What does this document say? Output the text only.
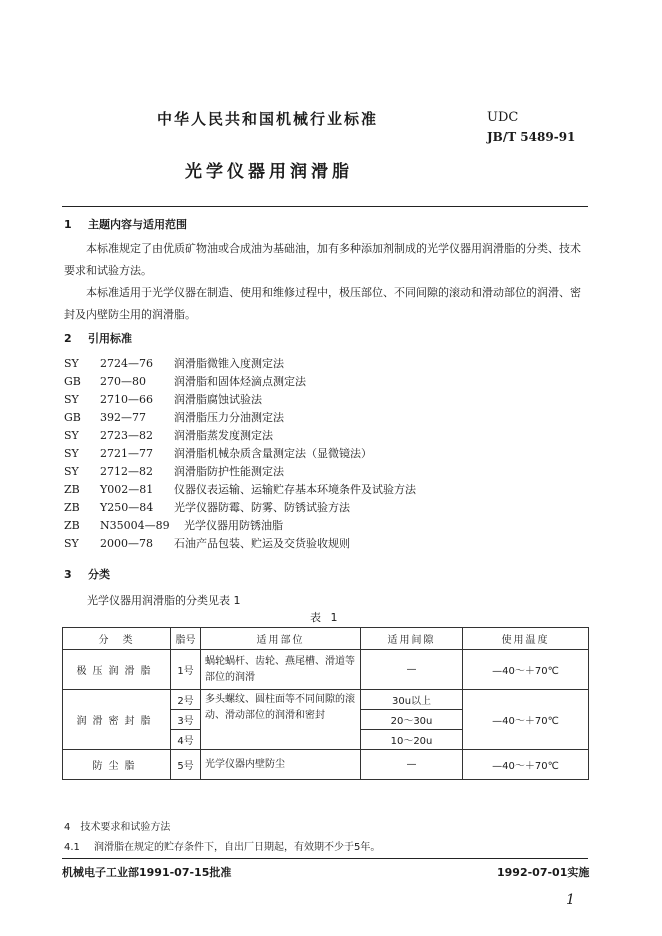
中华人民共和国机械行业标准	UDC
JB/T 5489-91
光学仪器用润滑脂
1 主题内容与适用范围
本标准规定了由优质矿物油或合成油为基础油，加有多种添加剂制成的光学仪器用润滑脂的分类、技术要求和试验方法。
本标准适用于光学仪器在制造、使用和维修过程中，极压部位、不同间隙的滚动和滑动部位的润滑、密封及内壁防尘用的润滑脂。
2 引用标准
SY	2724—76	润滑脂微锥入度测定法
GB	270—80	润滑脂和固体烃滴点测定法
SY	2710—66	润滑脂腐蚀试验法
GB	392—77	润滑脂压力分油测定法
SY	2723—82	润滑脂蒸发度测定法
SY	2721—77	润滑脂机械杂质含量测定法（显微镜法）
SY	2712—82	润滑脂防护性能测定法
ZB	Y002—81	仪器仪表运输、运输贮存基本环境条件及试验方法
ZB	Y250—84	光学仪器防霉、防雾、防锈试验方法
ZB	N35004—89	光学仪器用防锈油脂
SY	2000—78	石油产品包装、贮运及交货验收规则
3 分类
光学仪器用润滑脂的分类见表 1
表 1
分　类	脂号	适用部位	适用间隙	使用温度
极压润滑脂	1号	蜗轮蜗杆、齿轮、燕尾槽、滑道等部位的润滑	—	—40～＋70℃
润滑密封脂	2号	多头螺纹、圆柱面等不同间隙的滚动、滑动部位的润滑和密封	30u以上	—40～＋70℃
	3号		20～30u	
	4号		10～20u	
防尘脂	5号	光学仪器内壁防尘	—	—40～＋70℃
4　技术要求和试验方法
4.1 润滑脂在规定的贮存条件下，自出厂日期起，有效期不少于5年。
机械电子工业部1991-07-15批准	1992-07-01实施
1
